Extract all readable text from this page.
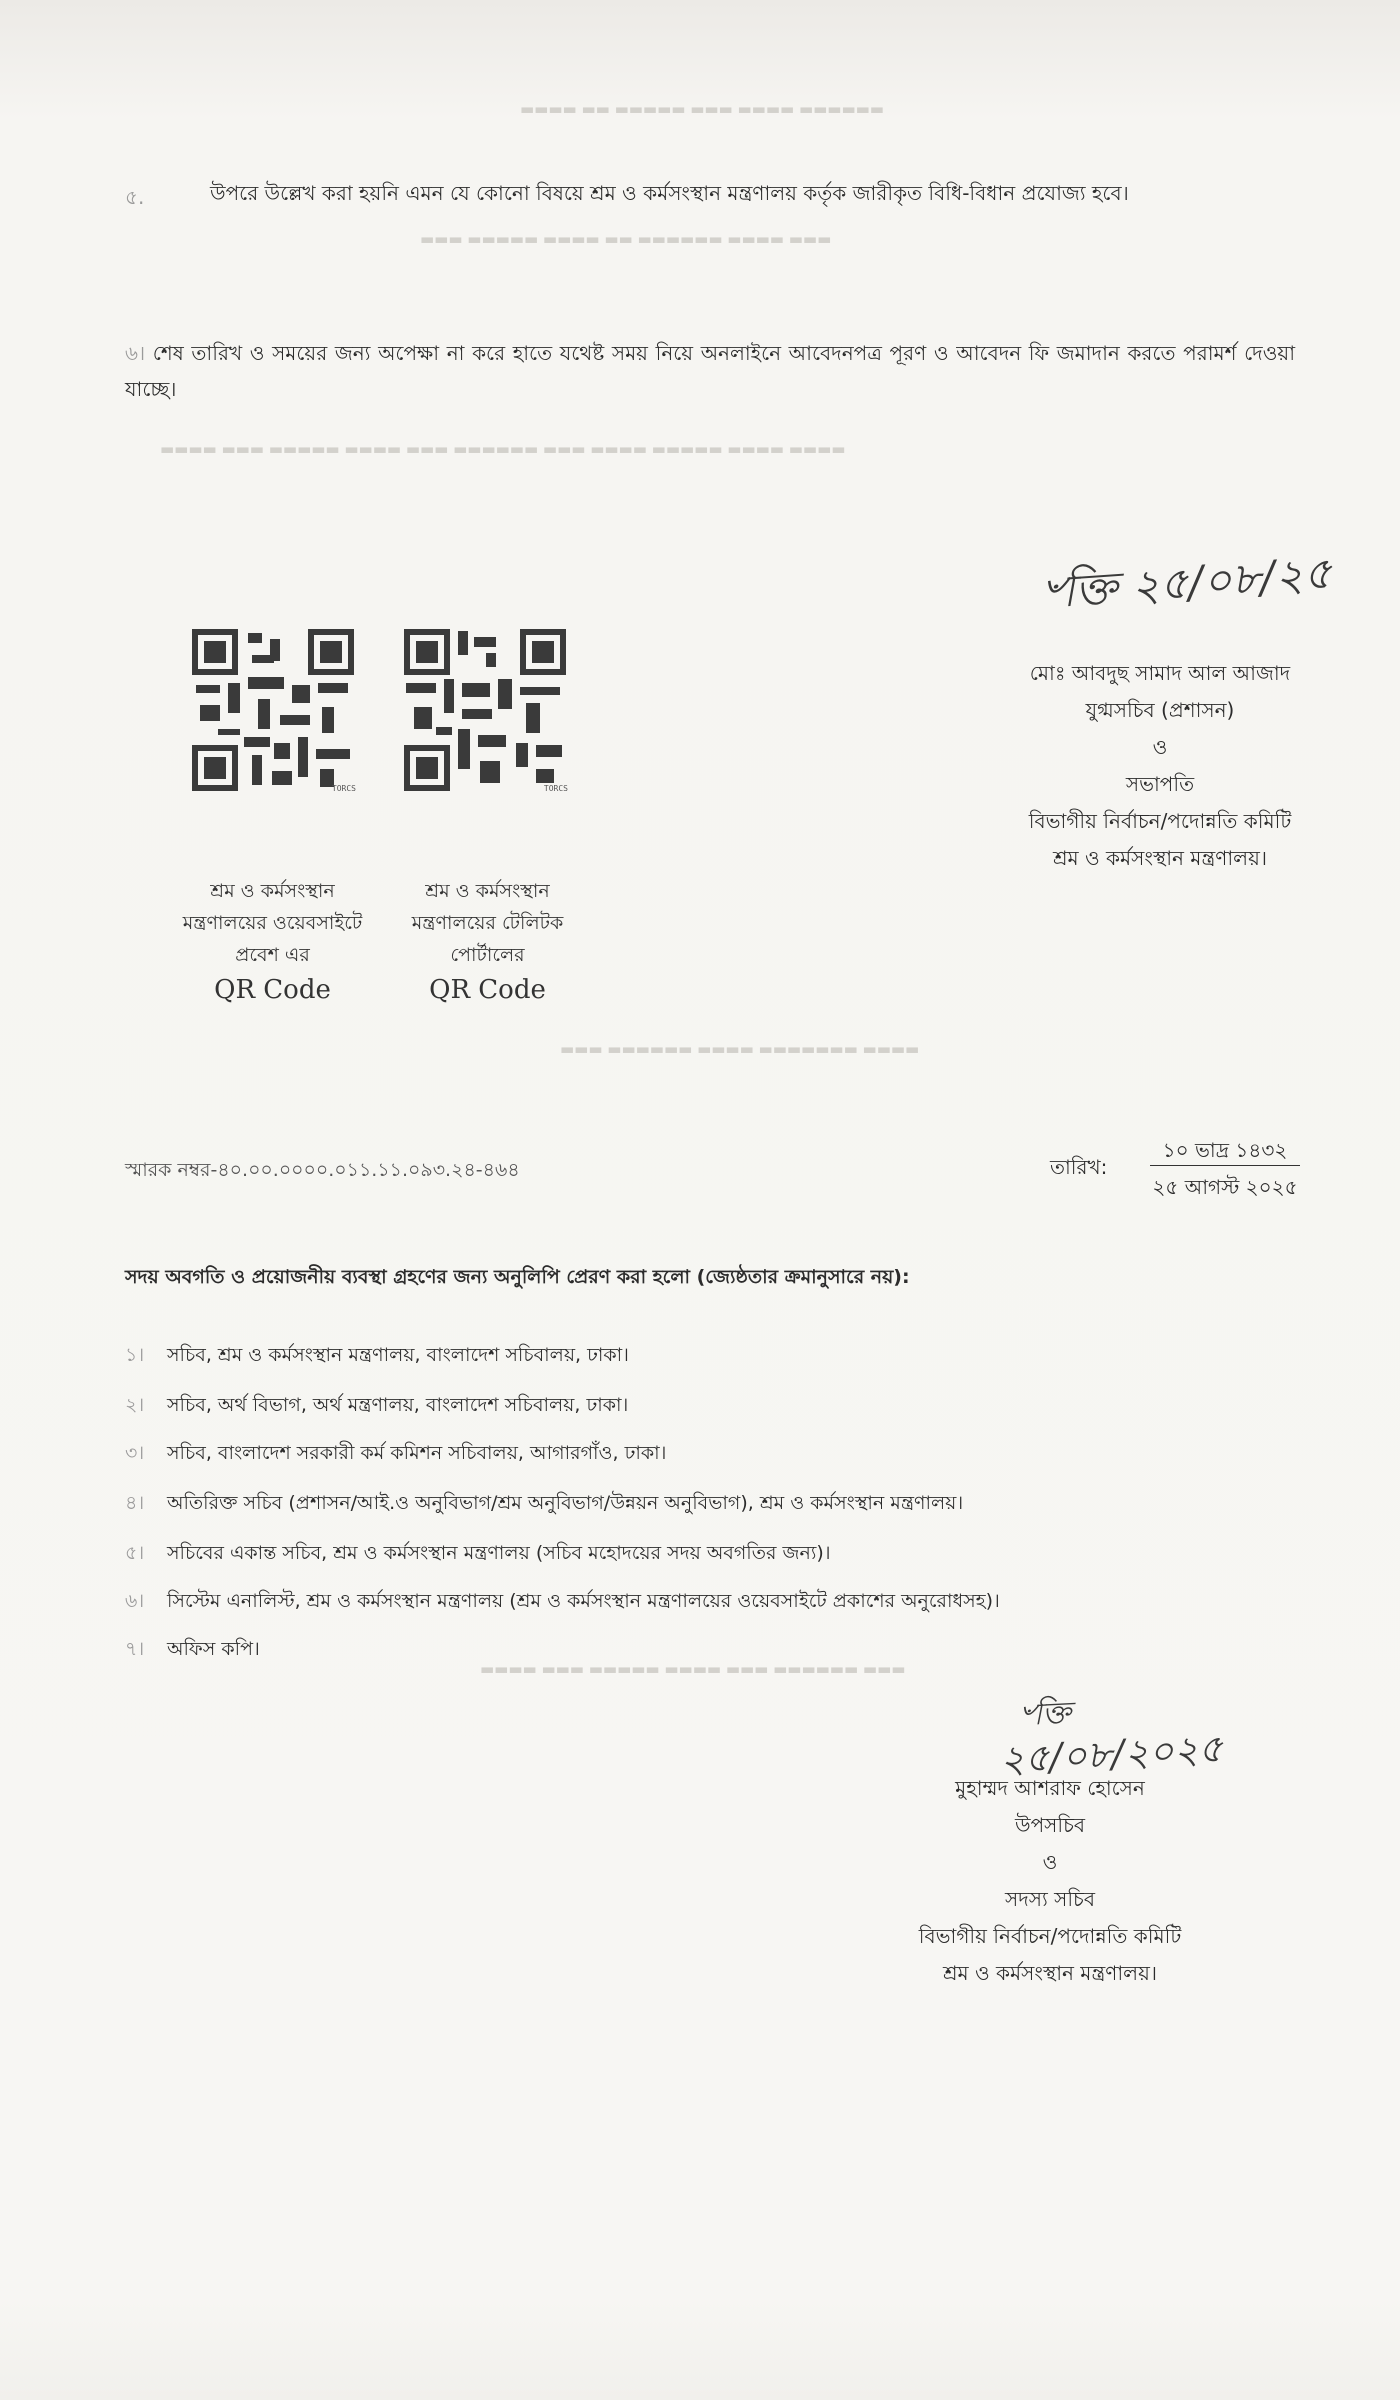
▬▬▬▬ ▬▬ ▬▬▬▬▬ ▬▬▬ ▬▬▬▬ ▬▬▬▬▬▬
▬▬▬ ▬▬▬▬▬ ▬▬▬▬ ▬▬ ▬▬▬▬▬▬ ▬▬▬▬ ▬▬▬
▬▬▬▬ ▬▬▬ ▬▬▬▬▬ ▬▬▬▬ ▬▬▬ ▬▬▬▬▬▬ ▬▬▬ ▬▬▬▬ ▬▬▬▬▬ ▬▬▬▬ ▬▬▬▬
▬▬▬ ▬▬▬▬▬▬ ▬▬▬▬ ▬▬▬▬▬▬▬ ▬▬▬▬
▬▬▬▬ ▬▬▬ ▬▬▬▬▬ ▬▬▬▬ ▬▬▬ ▬▬▬▬▬▬ ▬▬▬
৫.	উপরে উল্লেখ করা হয়নি এমন যে কোনো বিষয়ে শ্রম ও কর্মসংস্থান মন্ত্রণালয় কর্তৃক জারীকৃত বিধি-বিধান প্রযোজ্য হবে।
৬। শেষ তারিখ ও সময়ের জন্য অপেক্ষা না করে হাতে যথেষ্ট সময় নিয়ে অনলাইনে আবেদনপত্র পূরণ ও আবেদন ফি জমাদান করতে পরামর্শ দেওয়া যাচ্ছে।
৺ক্তি ২৫/০৮/২৫
মোঃ আবদুছ সামাদ আল আজাদ
যুগ্মসচিব (প্রশাসন)
ও
সভাপতি
বিভাগীয় নির্বাচন/পদোন্নতি কমিটি
শ্রম ও কর্মসংস্থান মন্ত্রণালয়।
TORCS	TORCS
শ্রম ও কর্মসংস্থান
মন্ত্রণালয়ের ওয়েবসাইটে
প্রবেশ এর
QR Code
শ্রম ও কর্মসংস্থান
মন্ত্রণালয়ের টেলিটক
পোর্টালের
QR Code
স্মারক নম্বর-৪০.০০.০০০০.০১১.১১.০৯৩.২৪-৪৬৪	তারিখ:
১০ ভাদ্র ১৪৩২
২৫ আগস্ট ২০২৫
সদয় অবগতি ও প্রয়োজনীয় ব্যবস্থা গ্রহণের জন্য অনুলিপি প্রেরণ করা হলো (জ্যেষ্ঠতার ক্রমানুসারে নয়):
১। সচিব, শ্রম ও কর্মসংস্থান মন্ত্রণালয়, বাংলাদেশ সচিবালয়, ঢাকা।
২। সচিব, অর্থ বিভাগ, অর্থ মন্ত্রণালয়, বাংলাদেশ সচিবালয়, ঢাকা।
৩। সচিব, বাংলাদেশ সরকারী কর্ম কমিশন সচিবালয়, আগারগাঁও, ঢাকা।
৪। অতিরিক্ত সচিব (প্রশাসন/আই.ও অনুবিভাগ/শ্রম অনুবিভাগ/উন্নয়ন অনুবিভাগ), শ্রম ও কর্মসংস্থান মন্ত্রণালয়।
৫। সচিবের একান্ত সচিব, শ্রম ও কর্মসংস্থান মন্ত্রণালয় (সচিব মহোদয়ের সদয় অবগতির জন্য)।
৬। সিস্টেম এনালিস্ট, শ্রম ও কর্মসংস্থান মন্ত্রণালয় (শ্রম ও কর্মসংস্থান মন্ত্রণালয়ের ওয়েবসাইটে প্রকাশের অনুরোধসহ)।
৭। অফিস কপি।
৺ক্তি
২৫/০৮/২০২৫
মুহাম্মদ আশরাফ হোসেন
উপসচিব
ও
সদস্য সচিব
বিভাগীয় নির্বাচন/পদোন্নতি কমিটি
শ্রম ও কর্মসংস্থান মন্ত্রণালয়।
